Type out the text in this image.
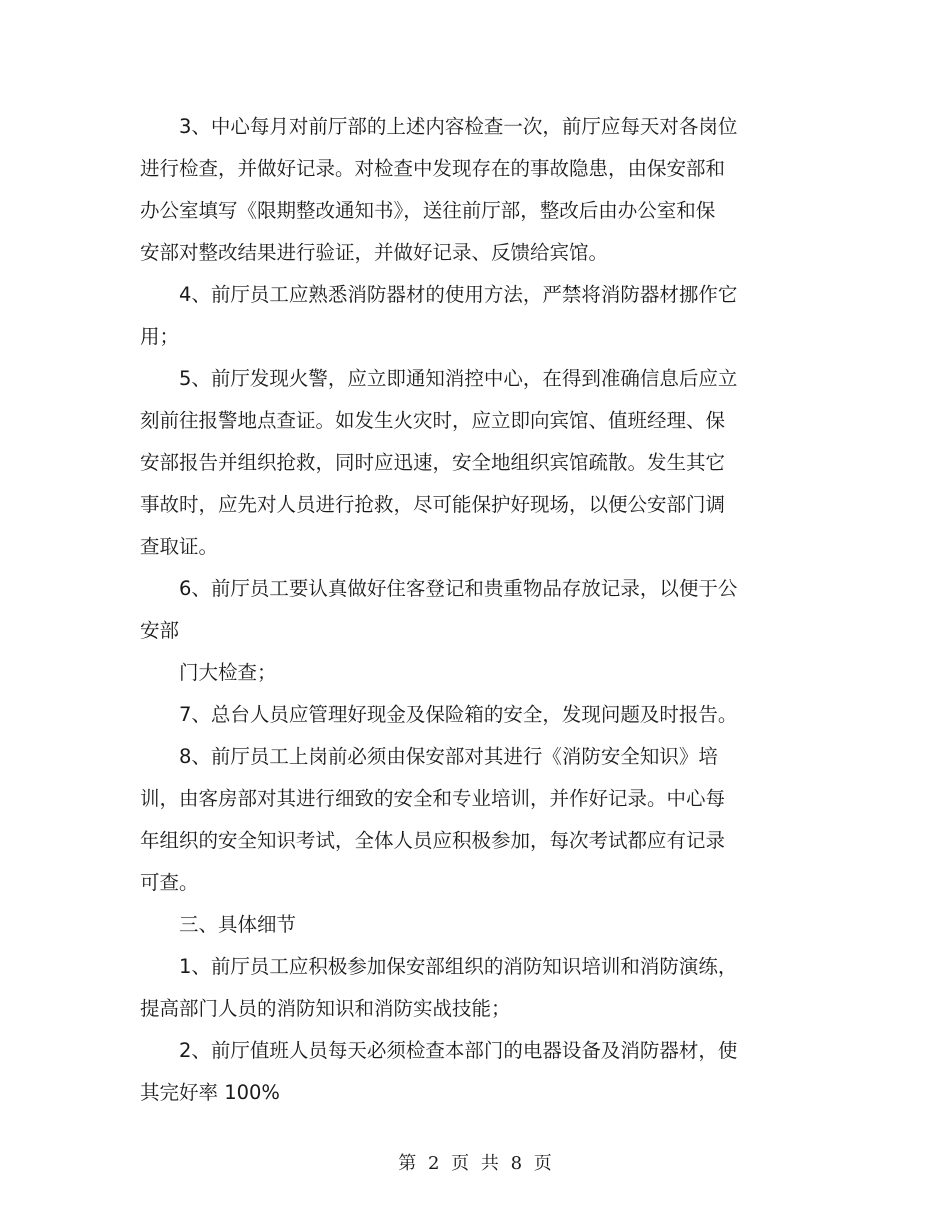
3、中心每月对前厅部的上述内容检查一次，前厅应每天对各岗位
进行检查，并做好记录。对检查中发现存在的事故隐患，由保安部和
办公室填写《限期整改通知书》，送往前厅部，整改后由办公室和保
安部对整改结果进行验证，并做好记录、反馈给宾馆。

4、前厅员工应熟悉消防器材的使用方法，严禁将消防器材挪作它
用；

5、前厅发现火警，应立即通知消控中心，在得到准确信息后应立
刻前往报警地点查证。如发生火灾时，应立即向宾馆、值班经理、保
安部报告并组织抢救，同时应迅速，安全地组织宾馆疏散。发生其它
事故时，应先对人员进行抢救，尽可能保护好现场，以便公安部门调
查取证。

6、前厅员工要认真做好住客登记和贵重物品存放记录，以便于公
安部

门大检查；

7、总台人员应管理好现金及保险箱的安全，发现问题及时报告。

8、前厅员工上岗前必须由保安部对其进行《消防安全知识》培
训，由客房部对其进行细致的安全和专业培训，并作好记录。中心每
年组织的安全知识考试，全体人员应积极参加，每次考试都应有记录
可查。

三、具体细节

1、前厅员工应积极参加保安部组织的消防知识培训和消防演练，
提高部门人员的消防知识和消防实战技能；

2、前厅值班人员每天必须检查本部门的电器设备及消防器材，使
其完好率 100%

第 2 页 共 8 页
